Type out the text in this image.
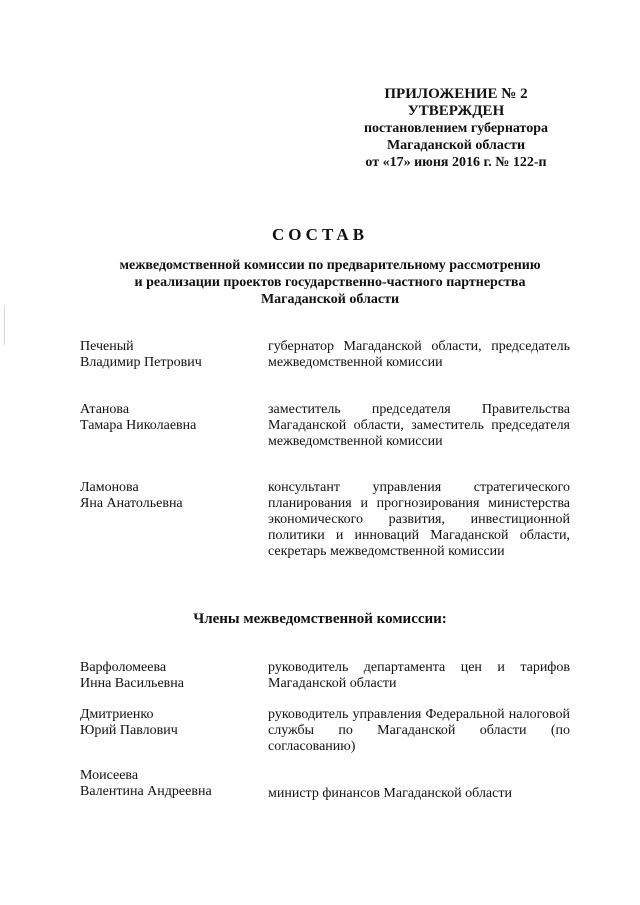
ПРИЛОЖЕНИЕ № 2
УТВЕРЖДЕН
постановлением губернатора
Магаданской области
от «17» июня 2016 г. № 122-п
СОСТАВ
межведомственной комиссии по предварительному рассмотрению
и реализации проектов государственно-частного партнерства
Магаданской области
Печеный
Владимир Петрович
губернатор Магаданской области, председатель межведомственной комиссии
Атанова
Тамара Николаевна
заместитель председателя Правительства Магаданской области, заместитель председателя межведомственной комиссии
Ламонова
Яна Анатольевна
консультант управления стратегического планирования и прогнозирования министерства экономического развития, инвестиционной политики и инноваций Магаданской области, секретарь межведомственной комиссии
Члены межведомственной комиссии:
Варфоломеева
Инна Васильевна
руководитель департамента цен и тарифов Магаданской области
Дмитриенко
Юрий Павлович
руководитель управления Федеральной налоговой службы по Магаданской области (по согласованию)
Моисеева
Валентина Андреевна	министр финансов Магаданской области
